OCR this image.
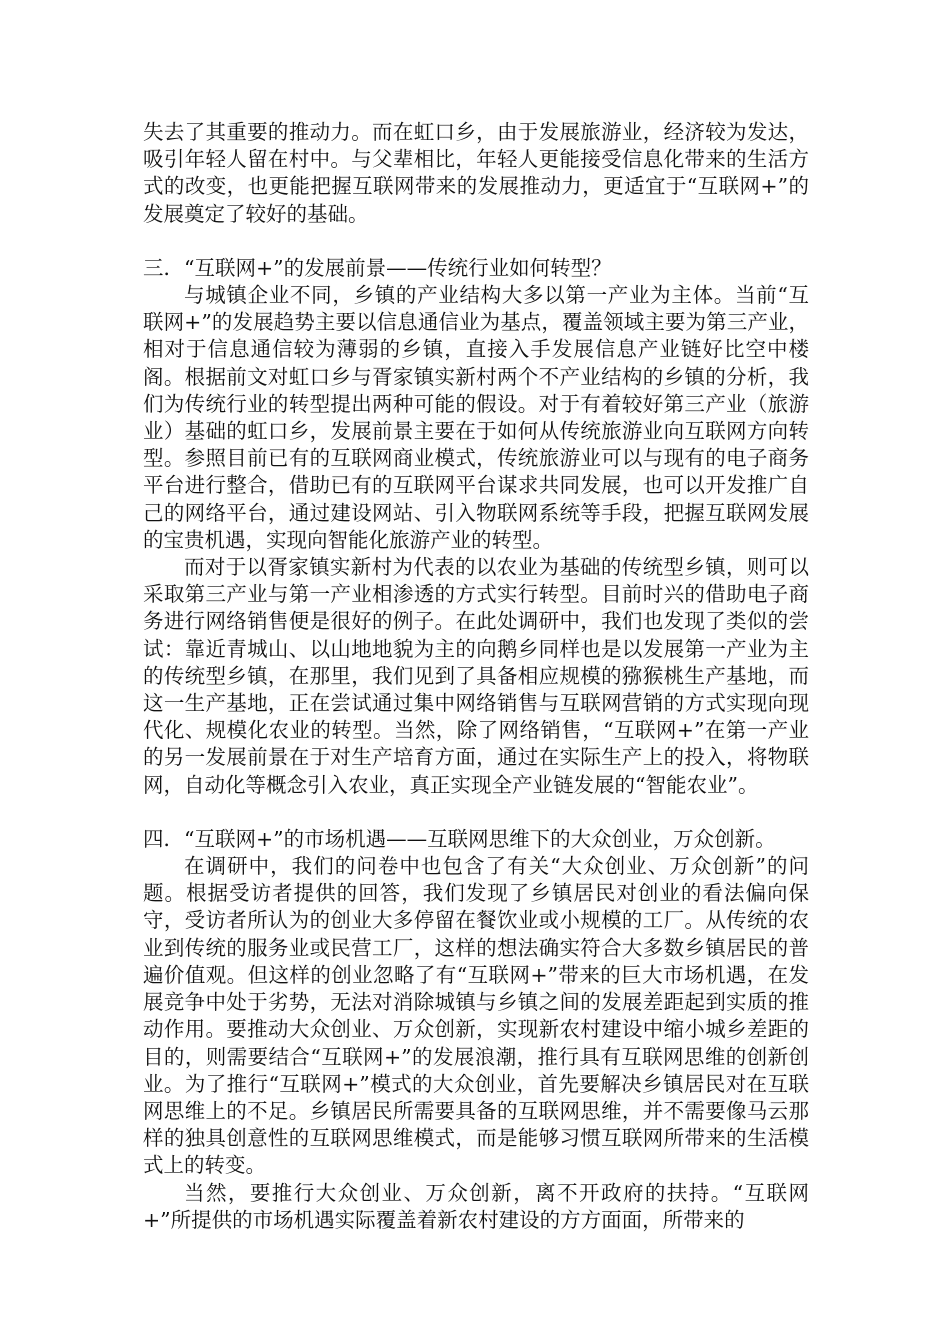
失去了其重要的推动力。而在虹口乡，由于发展旅游业，经济较为发达，吸引年轻人留在村中。与父辈相比，年轻人更能接受信息化带来的生活方式的改变，也更能把握互联网带来的发展推动力，更适宜于“互联网+”的发展奠定了较好的基础。

三．“互联网+”的发展前景——传统行业如何转型？

与城镇企业不同，乡镇的产业结构大多以第一产业为主体。当前“互联网+”的发展趋势主要以信息通信业为基点，覆盖领域主要为第三产业，相对于信息通信较为薄弱的乡镇，直接入手发展信息产业链好比空中楼阁。根据前文对虹口乡与胥家镇实新村两个不产业结构的乡镇的分析，我们为传统行业的转型提出两种可能的假设。对于有着较好第三产业（旅游业）基础的虹口乡，发展前景主要在于如何从传统旅游业向互联网方向转型。参照目前已有的互联网商业模式，传统旅游业可以与现有的电子商务平台进行整合，借助已有的互联网平台谋求共同发展，也可以开发推广自己的网络平台，通过建设网站、引入物联网系统等手段，把握互联网发展的宝贵机遇，实现向智能化旅游产业的转型。

而对于以胥家镇实新村为代表的以农业为基础的传统型乡镇，则可以采取第三产业与第一产业相渗透的方式实行转型。目前时兴的借助电子商务进行网络销售便是很好的例子。在此处调研中，我们也发现了类似的尝试：靠近青城山、以山地地貌为主的向鹅乡同样也是以发展第一产业为主的传统型乡镇，在那里，我们见到了具备相应规模的猕猴桃生产基地，而这一生产基地，正在尝试通过集中网络销售与互联网营销的方式实现向现代化、规模化农业的转型。当然，除了网络销售，“互联网+”在第一产业的另一发展前景在于对生产培育方面，通过在实际生产上的投入，将物联网，自动化等概念引入农业，真正实现全产业链发展的“智能农业”。

四．“互联网+”的市场机遇——互联网思维下的大众创业，万众创新。

在调研中，我们的问卷中也包含了有关“大众创业、万众创新”的问题。根据受访者提供的回答，我们发现了乡镇居民对创业的看法偏向保守，受访者所认为的创业大多停留在餐饮业或小规模的工厂。从传统的农业到传统的服务业或民营工厂，这样的想法确实符合大多数乡镇居民的普遍价值观。但这样的创业忽略了有“互联网+”带来的巨大市场机遇，在发展竞争中处于劣势，无法对消除城镇与乡镇之间的发展差距起到实质的推动作用。要推动大众创业、万众创新，实现新农村建设中缩小城乡差距的目的，则需要结合“互联网+”的发展浪潮，推行具有互联网思维的创新创业。为了推行“互联网+”模式的大众创业，首先要解决乡镇居民对在互联网思维上的不足。乡镇居民所需要具备的互联网思维，并不需要像马云那样的独具创意性的互联网思维模式，而是能够习惯互联网所带来的生活模式上的转变。

当然，要推行大众创业、万众创新，离不开政府的扶持。“互联网+”所提供的市场机遇实际覆盖着新农村建设的方方面面，所带来的
